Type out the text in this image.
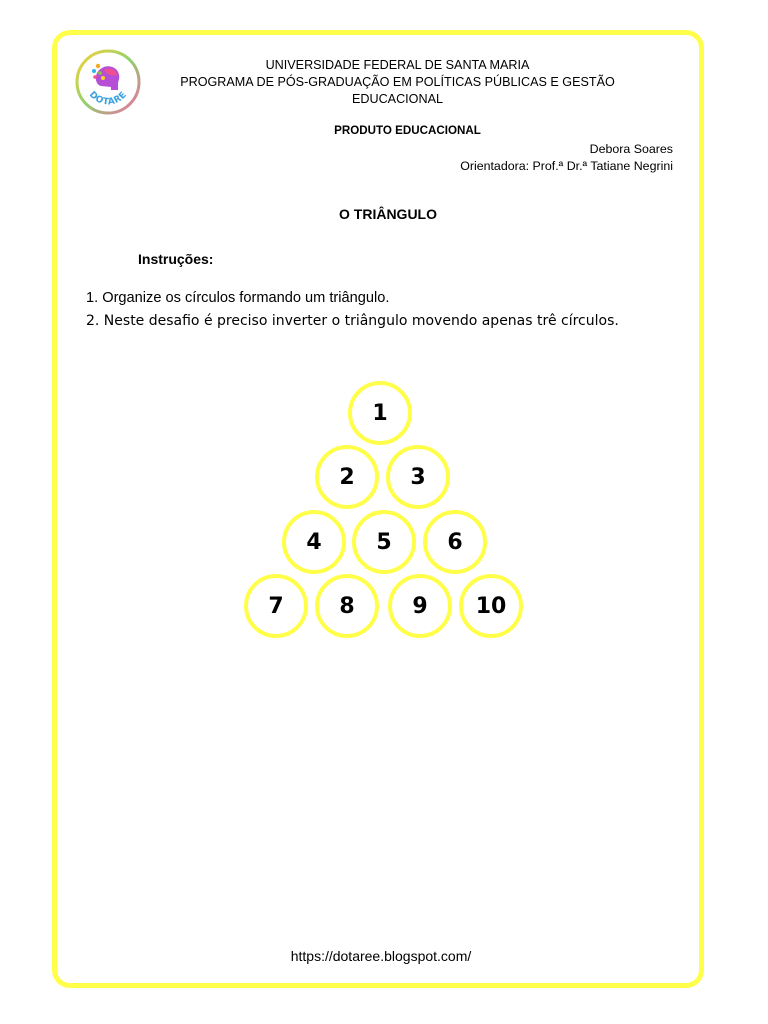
DOTARE
UNIVERSIDADE FEDERAL DE SANTA MARIA
PROGRAMA DE PÓS-GRADUAÇÃO EM POLÍTICAS PÚBLICAS E GESTÃO
EDUCACIONAL
PRODUTO EDUCACIONAL
Debora Soares
Orientadora: Prof.ª Dr.ª Tatiane Negrini
O TRIÂNGULO
Instruções:
1. Organize os círculos formando um triângulo.
2. Neste desafio é preciso inverter o triângulo movendo apenas trê círculos.
1
2	3
4	5	6
7	8	9	10
https://dotaree.blogspot.com/
